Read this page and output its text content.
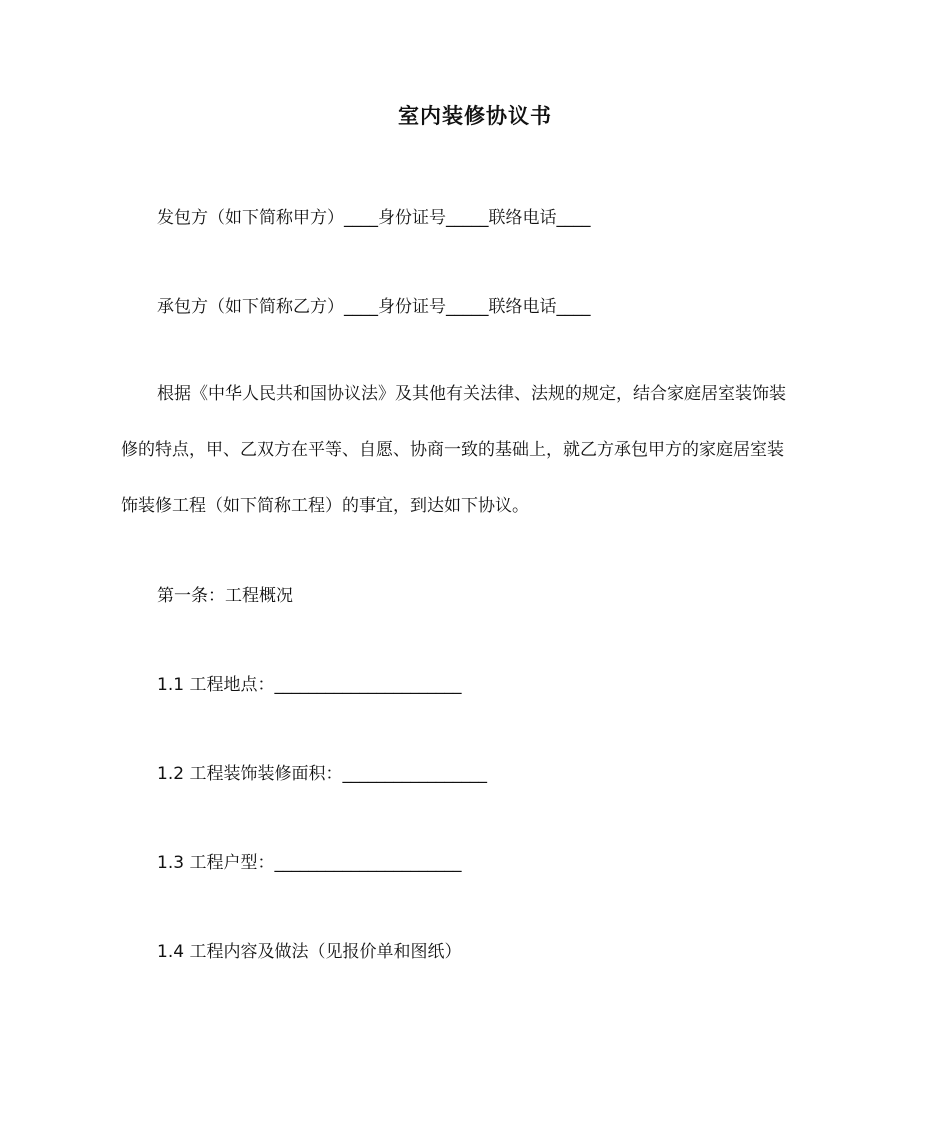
室内装修协议书
发包方（如下简称甲方）____身份证号_____联络电话____
承包方（如下简称乙方）____身份证号_____联络电话____
根据《中华人民共和国协议法》及其他有关法律、法规的规定，结合家庭居室装饰装
修的特点，甲、乙双方在平等、自愿、协商一致的基础上，就乙方承包甲方的家庭居室装
饰装修工程（如下简称工程）的事宜，到达如下协议。
第一条：工程概况
1.1 工程地点：______________________
1.2 工程装饰装修面积：_________________
1.3 工程户型：______________________
1.4 工程内容及做法（见报价单和图纸）
